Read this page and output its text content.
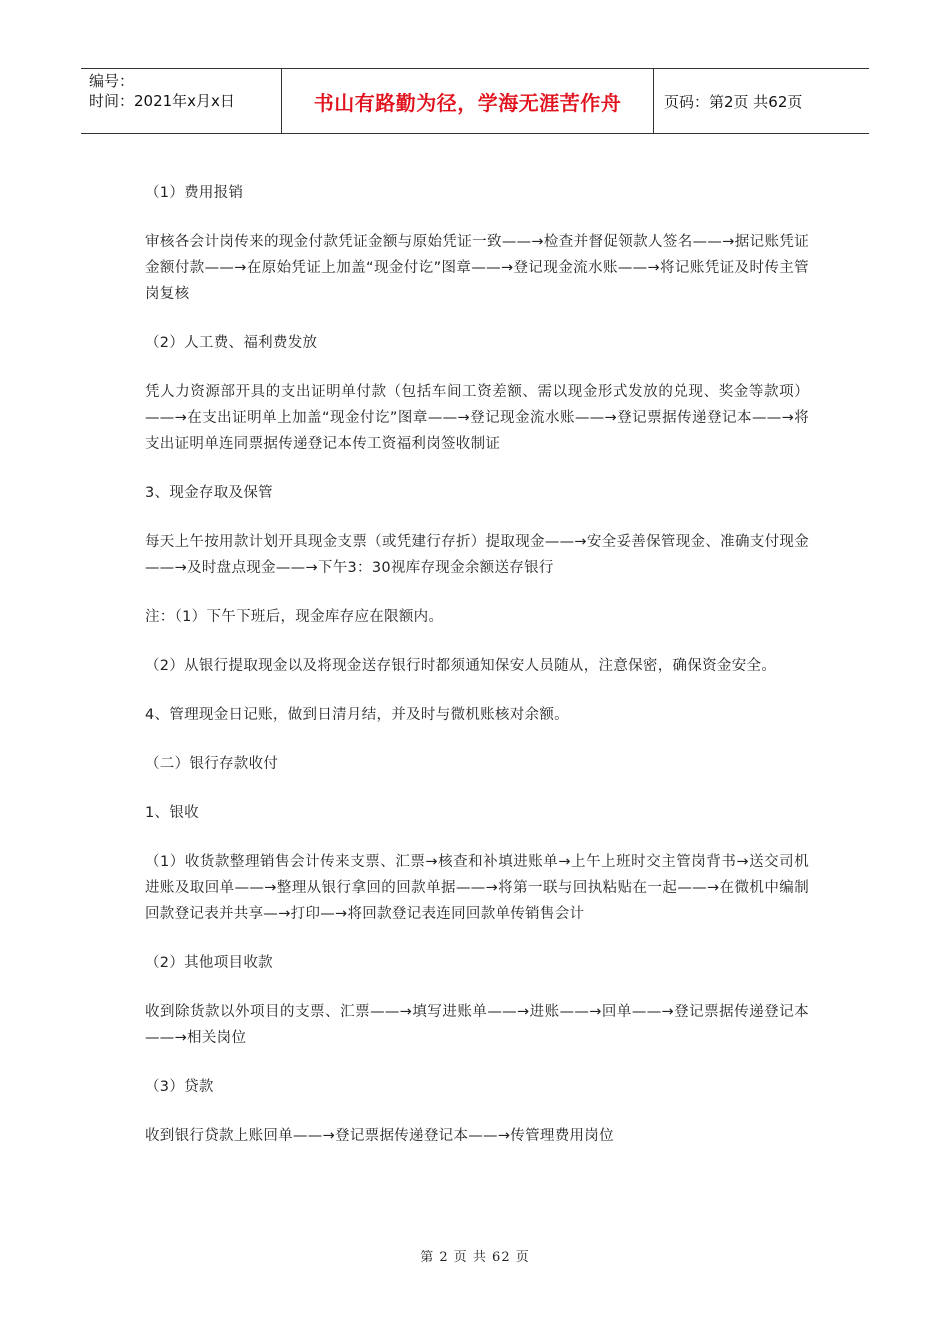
编号：
时间：2021年x月x日	书山有路勤为径，学海无涯苦作舟	页码：第2页 共62页
（1）费用报销
审核各会计岗传来的现金付款凭证金额与原始凭证一致——→检查并督促领款人签名——→据记账凭证金额付款——→在原始凭证上加盖“现金付讫”图章——→登记现金流水账——→将记账凭证及时传主管岗复核
（2）人工费、福利费发放
凭人力资源部开具的支出证明单付款（包括车间工资差额、需以现金形式发放的兑现、奖金等款项）——→在支出证明单上加盖“现金付讫”图章——→登记现金流水账——→登记票据传递登记本——→将支出证明单连同票据传递登记本传工资福利岗签收制证
3、现金存取及保管
每天上午按用款计划开具现金支票（或凭建行存折）提取现金——→安全妥善保管现金、准确支付现金——→及时盘点现金——→下午3：30视库存现金余额送存银行
注：（1）下午下班后，现金库存应在限额内。
（2）从银行提取现金以及将现金送存银行时都须通知保安人员随从，注意保密，确保资金安全。
4、管理现金日记账，做到日清月结，并及时与微机账核对余额。
（二）银行存款收付
1、银收
（1）收货款整理销售会计传来支票、汇票→核查和补填进账单→上午上班时交主管岗背书→送交司机进账及取回单——→整理从银行拿回的回款单据——→将第一联与回执粘贴在一起——→在微机中编制回款登记表并共享—→打印—→将回款登记表连同回款单传销售会计
（2）其他项目收款
收到除货款以外项目的支票、汇票——→填写进账单——→进账——→回单——→登记票据传递登记本——→相关岗位
（3）贷款
收到银行贷款上账回单——→登记票据传递登记本——→传管理费用岗位
第 2 页 共 62 页
